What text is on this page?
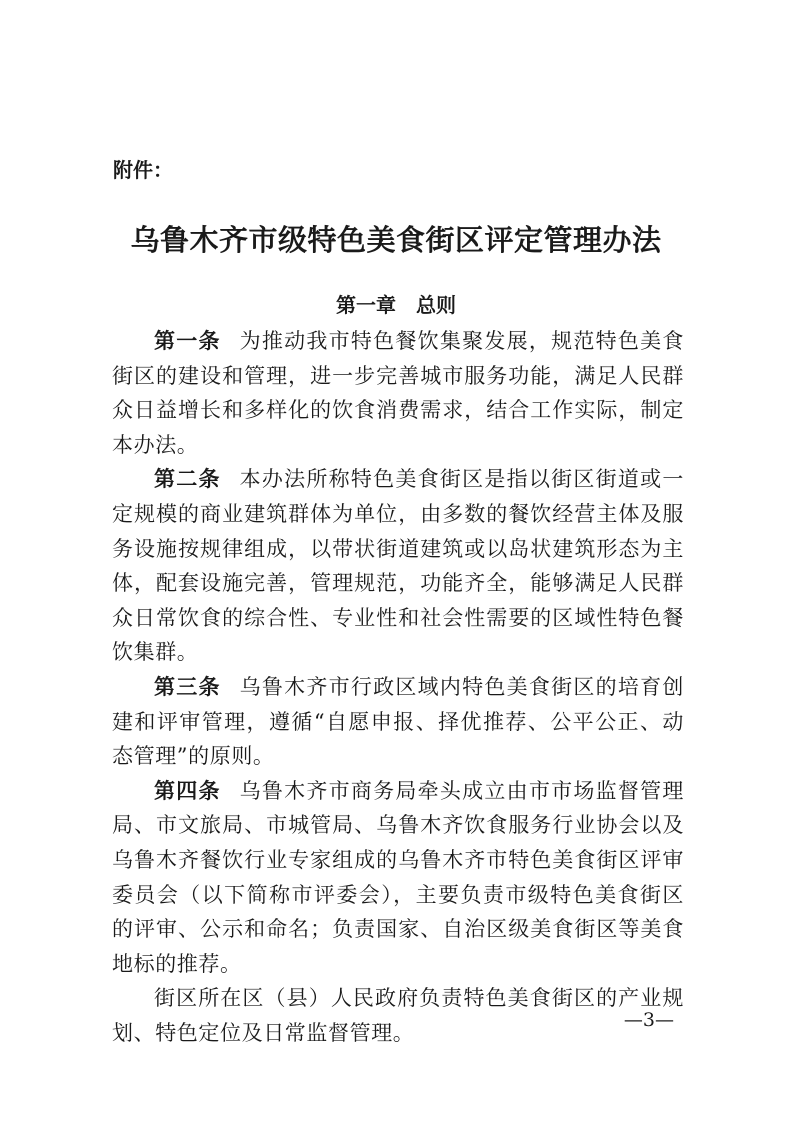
附件：
乌鲁木齐市级特色美食街区评定管理办法
第一章　总则

第一条 为推动我市特色餐饮集聚发展，规范特色美食街区的建设和管理，进一步完善城市服务功能，满足人民群众日益增长和多样化的饮食消费需求，结合工作实际，制定本办法。

第二条 本办法所称特色美食街区是指以街区街道或一定规模的商业建筑群体为单位，由多数的餐饮经营主体及服务设施按规律组成，以带状街道建筑或以岛状建筑形态为主体，配套设施完善，管理规范，功能齐全，能够满足人民群众日常饮食的综合性、专业性和社会性需要的区域性特色餐饮集群。

第三条 乌鲁木齐市行政区域内特色美食街区的培育创建和评审管理，遵循“自愿申报、择优推荐、公平公正、动态管理”的原则。

第四条 乌鲁木齐市商务局牵头成立由市市场监督管理局、市文旅局、市城管局、乌鲁木齐饮食服务行业协会以及乌鲁木齐餐饮行业专家组成的乌鲁木齐市特色美食街区评审委员会（以下简称市评委会），主要负责市级特色美食街区的评审、公示和命名；负责国家、自治区级美食街区等美食地标的推荐。

街区所在区（县）人民政府负责特色美食街区的产业规划、特色定位及日常监督管理。

—3—
